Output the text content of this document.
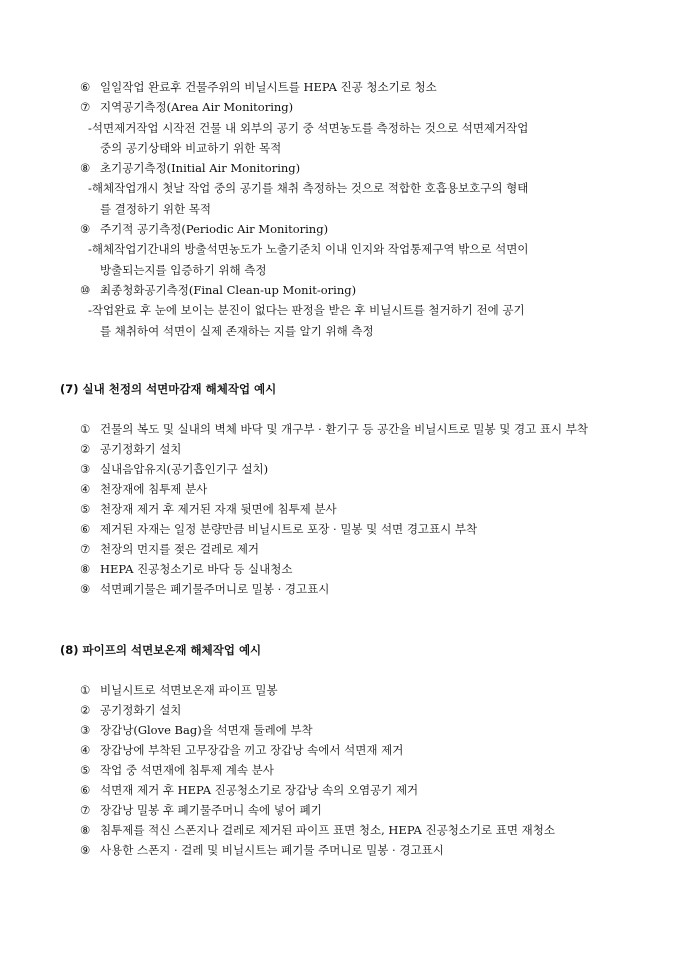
⑥ 일일작업 완료후 건물주위의 비닐시트를 HEPA 진공 청소기로 청소
⑦ 지역공기측정(Area Air Monitoring)
-석면제거작업 시작전 건물 내 외부의 공기 중 석면농도를 측정하는 것으로 석면제거작업
중의 공기상태와 비교하기 위한 목적
⑧ 초기공기측정(Initial Air Monitoring)
-해체작업개시 첫날 작업 중의 공기를 채취 측정하는 것으로 적합한 호흡용보호구의 형태
를 결정하기 위한 목적
⑨ 주기적 공기측정(Periodic Air Monitoring)
-해체작업기간내의 방출석면농도가 노출기준치 이내 인지와 작업통제구역 밖으로 석면이
방출되는지를 입증하기 위해 측정
⑩ 최종청화공기측정(Final Clean-up Monit-oring)
-작업완료 후 눈에 보이는 분진이 없다는 판정을 받은 후 비닐시트를 철거하기 전에 공기
를 채취하여 석면이 실제 존재하는 지를 알기 위해 측정
(7) 실내 천정의 석면마감재 해체작업 예시
① 건물의 복도 및 실내의 벽체 바닥 및 개구부 · 환기구 등 공간을 비닐시트로 밀봉 및 경고 표시 부착
② 공기정화기 설치
③ 실내음압유지(공기흡인기구 설치)
④ 천장재에 침투제 분사
⑤ 천장재 제거 후 제거된 자재 뒷면에 침투제 분사
⑥ 제거된 자재는 일정 분량만큼 비닐시트로 포장 · 밀봉 및 석면 경고표시 부착
⑦ 천장의 먼지를 젖은 걸레로 제거
⑧ HEPA 진공청소기로 바닥 등 실내청소
⑨ 석면폐기물은 폐기물주머니로 밀봉 · 경고표시
(8) 파이프의 석면보온재 해체작업 예시
① 비닐시트로 석면보온재 파이프 밀봉
② 공기정화기 설치
③ 장갑낭(Glove Bag)을 석면재 둘레에 부착
④ 장갑낭에 부착된 고무장갑을 끼고 장갑낭 속에서 석면재 제거
⑤ 작업 중 석면재에 침투제 계속 분사
⑥ 석면재 제거 후 HEPA 진공청소기로 장갑낭 속의 오염공기 제거
⑦ 장갑낭 밀봉 후 폐기물주머니 속에 넣어 폐기
⑧ 침투제를 적신 스폰지나 걸레로 제거된 파이프 표면 청소, HEPA 진공청소기로 표면 재청소
⑨ 사용한 스폰지 · 걸레 및 비닐시트는 폐기물 주머니로 밀봉 · 경고표시
